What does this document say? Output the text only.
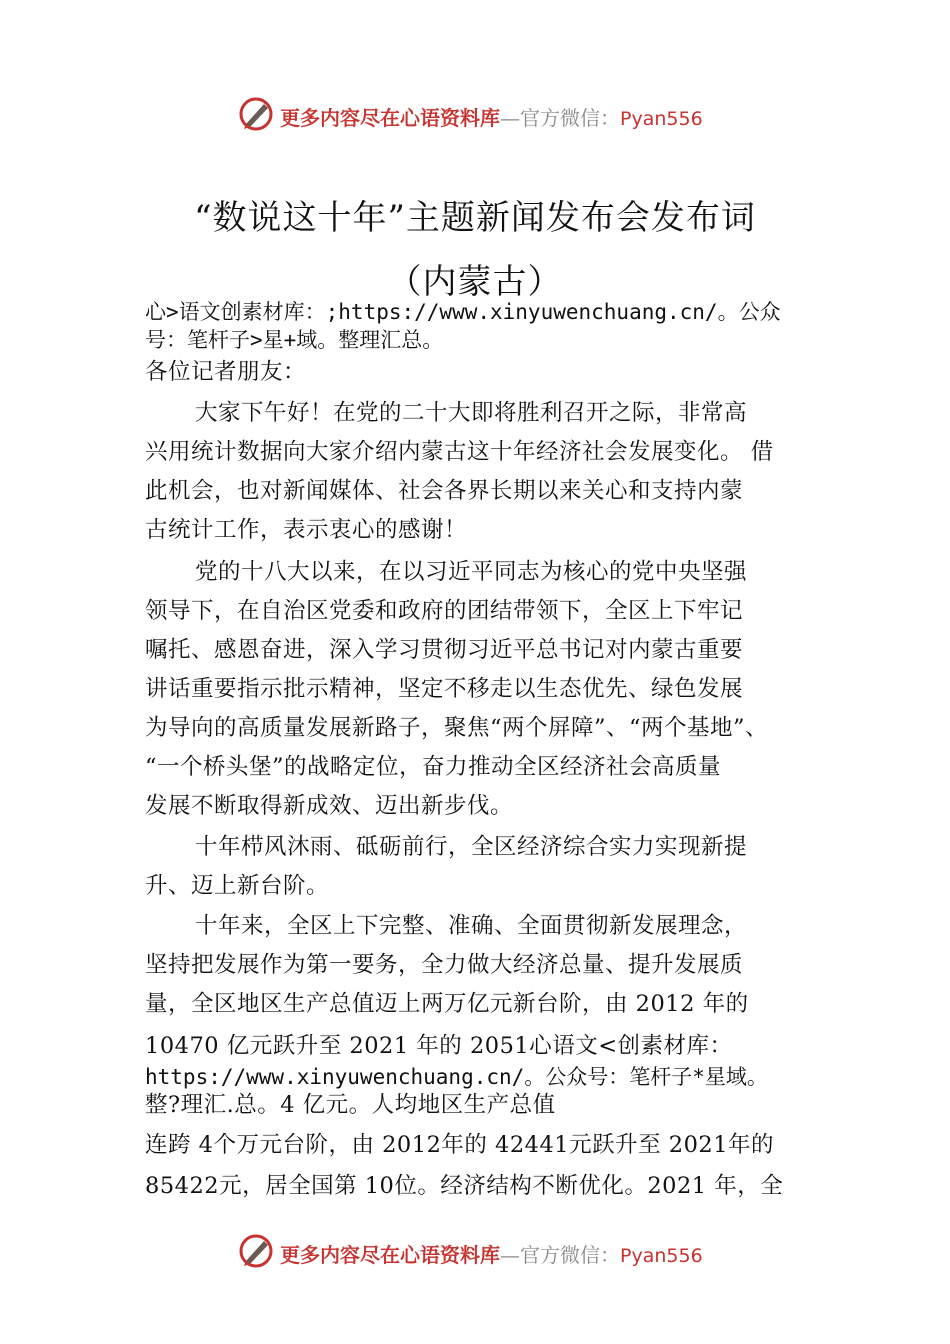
更多内容尽在心语资料库—官方微信：Pyan556
“数说这十年”主题新闻发布会发布词
（内蒙古）
心>语文创素材库：;https://www.xinyuwenchuang.cn/。公众
号：笔杆子>星+域。整理汇总。
各位记者朋友：
大家下午好！在党的二十大即将胜利召开之际，非常高
兴用统计数据向大家介绍内蒙古这十年经济社会发展变化。 借
此机会，也对新闻媒体、社会各界长期以来关心和支持内蒙
古统计工作，表示衷心的感谢！
党的十八大以来，在以习近平同志为核心的党中央坚强
领导下，在自治区党委和政府的团结带领下，全区上下牢记
嘱托、感恩奋进，深入学习贯彻习近平总书记对内蒙古重要
讲话重要指示批示精神，坚定不移走以生态优先、绿色发展
为导向的高质量发展新路子，聚焦“两个屏障”、“两个基地”、
“一个桥头堡”的战略定位，奋力推动全区经济社会高质量
发展不断取得新成效、迈出新步伐。
十年栉风沐雨、砥砺前行，全区经济综合实力实现新提
升、迈上新台阶。
十年来，全区上下完整、准确、全面贯彻新发展理念，
坚持把发展作为第一要务，全力做大经济总量、提升发展质
量，全区地区生产总值迈上两万亿元新台阶，由 2012 年的
10470 亿元跃升至 2021 年的 2051心语文<创素材库：
https://www.xinyuwenchuang.cn/。公众号：笔杆子*星域。
整?理汇.总。4 亿元。人均地区生产总值
连跨 4个万元台阶，由 2012年的 42441元跃升至 2021年的
85422元，居全国第 10位。经济结构不断优化。2021 年，全
更多内容尽在心语资料库—官方微信：Pyan556
